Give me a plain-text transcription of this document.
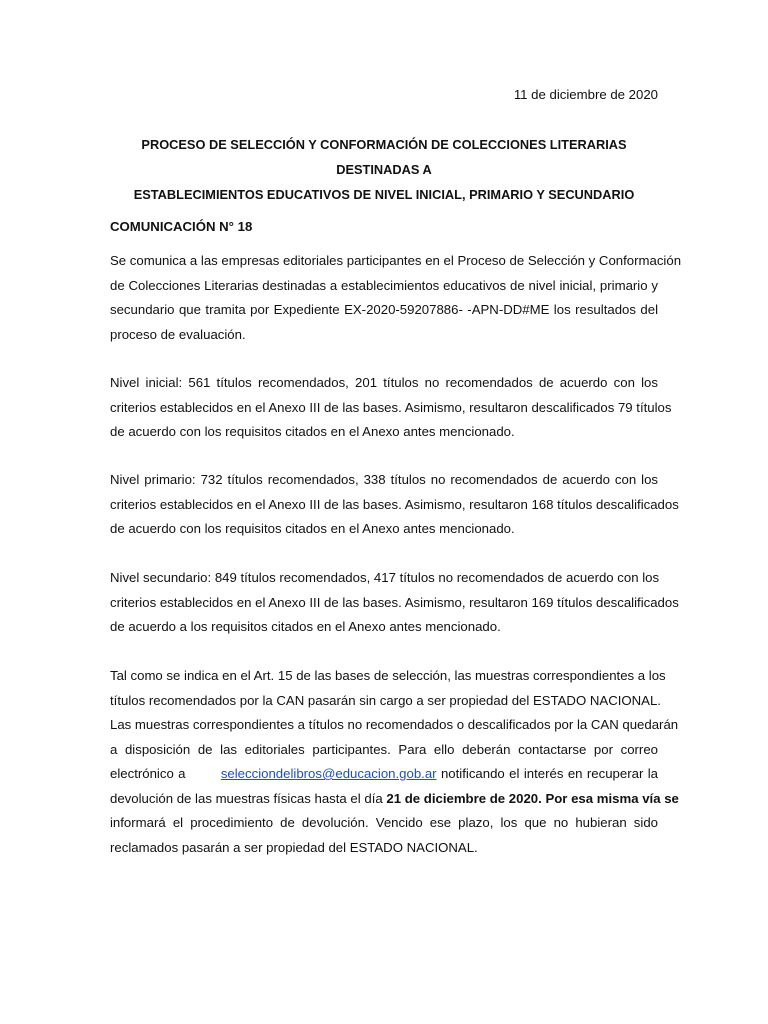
11 de diciembre de 2020
PROCESO DE SELECCIÓN Y CONFORMACIÓN DE COLECCIONES LITERARIAS DESTINADAS A
ESTABLECIMIENTOS EDUCATIVOS DE NIVEL INICIAL, PRIMARIO Y SECUNDARIO
COMUNICACIÓN N° 18
Se comunica a las empresas editoriales participantes en el Proceso de Selección y Conformación
de Colecciones Literarias destinadas a establecimientos educativos de nivel inicial, primario y
secundario que tramita por Expediente EX-2020-59207886- -APN-DD#ME los resultados del
proceso de evaluación.
Nivel inicial: 561 títulos recomendados, 201 títulos no recomendados de acuerdo con los
criterios establecidos en el Anexo III de las bases. Asimismo, resultaron descalificados 79 títulos
de acuerdo con los requisitos citados en el Anexo antes mencionado.
Nivel primario: 732 títulos recomendados, 338 títulos no recomendados de acuerdo con los
criterios establecidos en el Anexo III de las bases. Asimismo, resultaron 168 títulos descalificados
de acuerdo con los requisitos citados en el Anexo antes mencionado.
Nivel secundario: 849 títulos recomendados, 417 títulos no recomendados de acuerdo con los
criterios establecidos en el Anexo III de las bases. Asimismo, resultaron 169 títulos descalificados
de acuerdo a los requisitos citados en el Anexo antes mencionado.
Tal como se indica en el Art. 15 de las bases de selección, las muestras correspondientes a los
títulos recomendados por la CAN pasarán sin cargo a ser propiedad del ESTADO NACIONAL.
Las muestras correspondientes a títulos no recomendados o descalificados por la CAN quedarán
a disposición de las editoriales participantes. Para ello deberán contactarse por correo
electrónico a	selecciondelibros@educacion.gob.ar notificando el interés en recuperar la
devolución de las muestras físicas hasta el día 21 de diciembre de 2020. Por esa misma vía se
informará el procedimiento de devolución. Vencido ese plazo, los que no hubieran sido
reclamados pasarán a ser propiedad del ESTADO NACIONAL.
